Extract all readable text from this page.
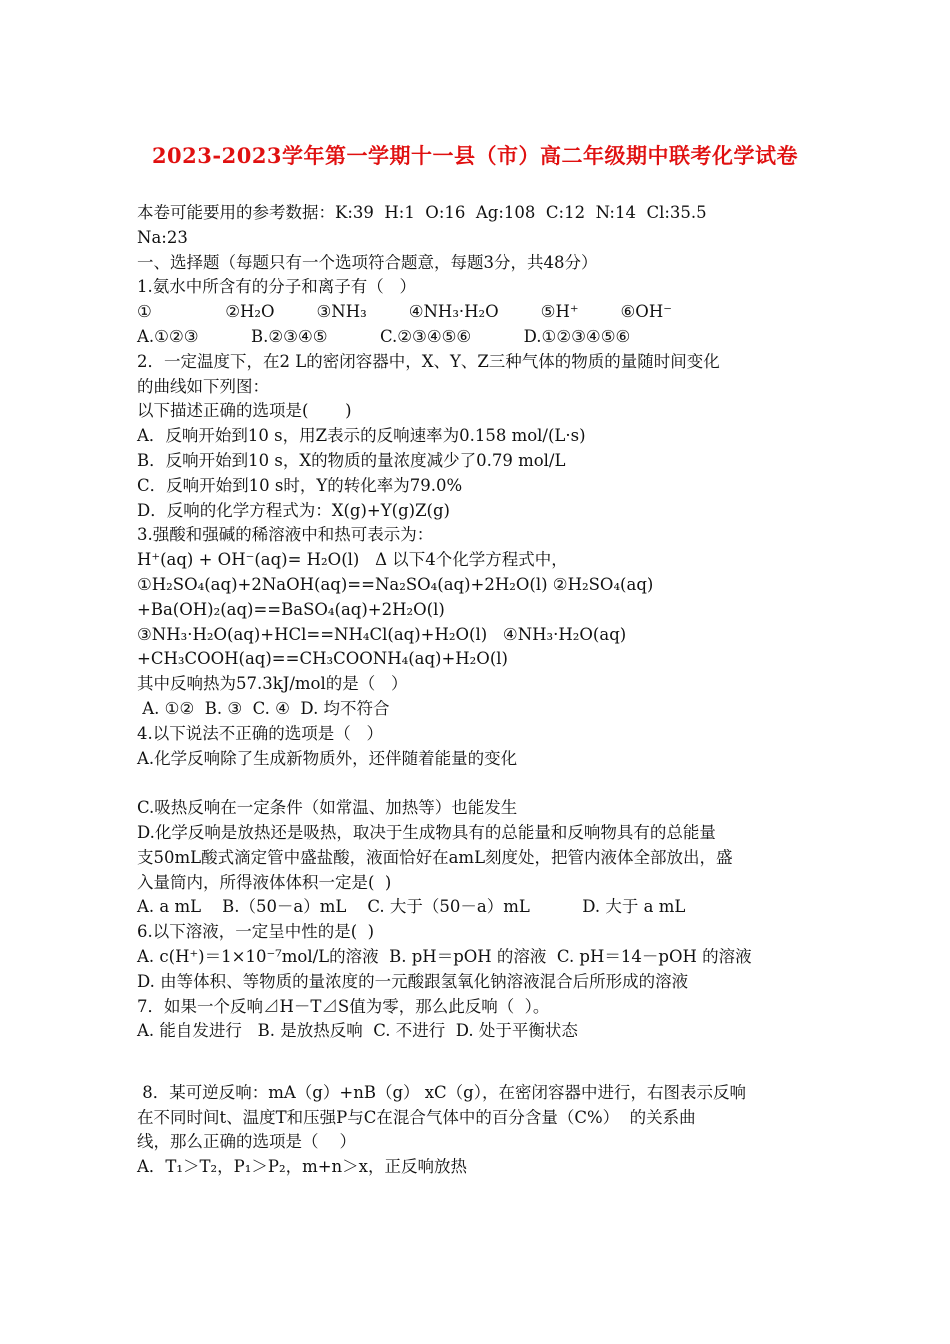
2023-2023学年第一学期十一县（市）高二年级期中联考化学试卷
本卷可能要用的参考数据：K:39  H:1  O:16  Ag:108  C:12  N:14  Cl:35.5
Na:23
一、选择题（每题只有一个选项符合题意，每题3分，共48分）
1.氨水中所含有的分子和离子有（   ）
①              ②H₂O        ③NH₃        ④NH₃·H₂O        ⑤H⁺        ⑥OH⁻
A.①②③          B.②③④⑤          C.②③④⑤⑥          D.①②③④⑤⑥
2．一定温度下，在2 L的密闭容器中，X、Y、Z三种气体的物质的量随时间变化
的曲线如下列图：
以下描述正确的选项是(       )
A．反响开始到10 s，用Z表示的反响速率为0.158 mol/(L·s)
B．反响开始到10 s，X的物质的量浓度减少了0.79 mol/L
C．反响开始到10 s时，Y的转化率为79.0%
D．反响的化学方程式为：X(g)+Y(g)Z(g)
3.强酸和强碱的稀溶液中和热可表示为：
H⁺(aq) + OH⁻(aq)= H₂O(l)   Δ 以下4个化学方程式中，
①H₂SO₄(aq)+2NaOH(aq)==Na₂SO₄(aq)+2H₂O(l) ②H₂SO₄(aq)
+Ba(OH)₂(aq)==BaSO₄(aq)+2H₂O(l)
③NH₃·H₂O(aq)+HCl==NH₄Cl(aq)+H₂O(l)   ④NH₃·H₂O(aq)
+CH₃COOH(aq)==CH₃COONH₄(aq)+H₂O(l)
其中反响热为57.3kJ/mol的是（   ）
A. ①②  B. ③  C. ④  D. 均不符合
4.以下说法不正确的选项是（   ）
A.化学反响除了生成新物质外，还伴随着能量的变化
C.吸热反响在一定条件（如常温、加热等）也能发生
D.化学反响是放热还是吸热，取决于生成物具有的总能量和反响物具有的总能量
支50mL酸式滴定管中盛盐酸，液面恰好在amL刻度处，把管内液体全部放出，盛
入量筒内，所得液体体积一定是(  )
A. a mL    B.（50－a）mL    C. 大于（50－a）mL          D. 大于 a mL
6.以下溶液，一定呈中性的是(  )
A. c(H⁺)＝1×10⁻⁷mol/L的溶液  B. pH＝pOH 的溶液  C. pH＝14－pOH 的溶液
D. 由等体积、等物质的量浓度的一元酸跟氢氧化钠溶液混合后所形成的溶液
7．如果一个反响⊿H－T⊿S值为零，那么此反响（  ）。
A. 能自发进行   B. 是放热反响  C. 不进行  D. 处于平衡状态
8．某可逆反响：mA（g）+nB（g） xC（g），在密闭容器中进行，右图表示反响
在不同时间t、温度T和压强P与C在混合气体中的百分含量（C%）  的关系曲
线，那么正确的选项是（    ）
A．T₁＞T₂，P₁＞P₂，m+n＞x，正反响放热
